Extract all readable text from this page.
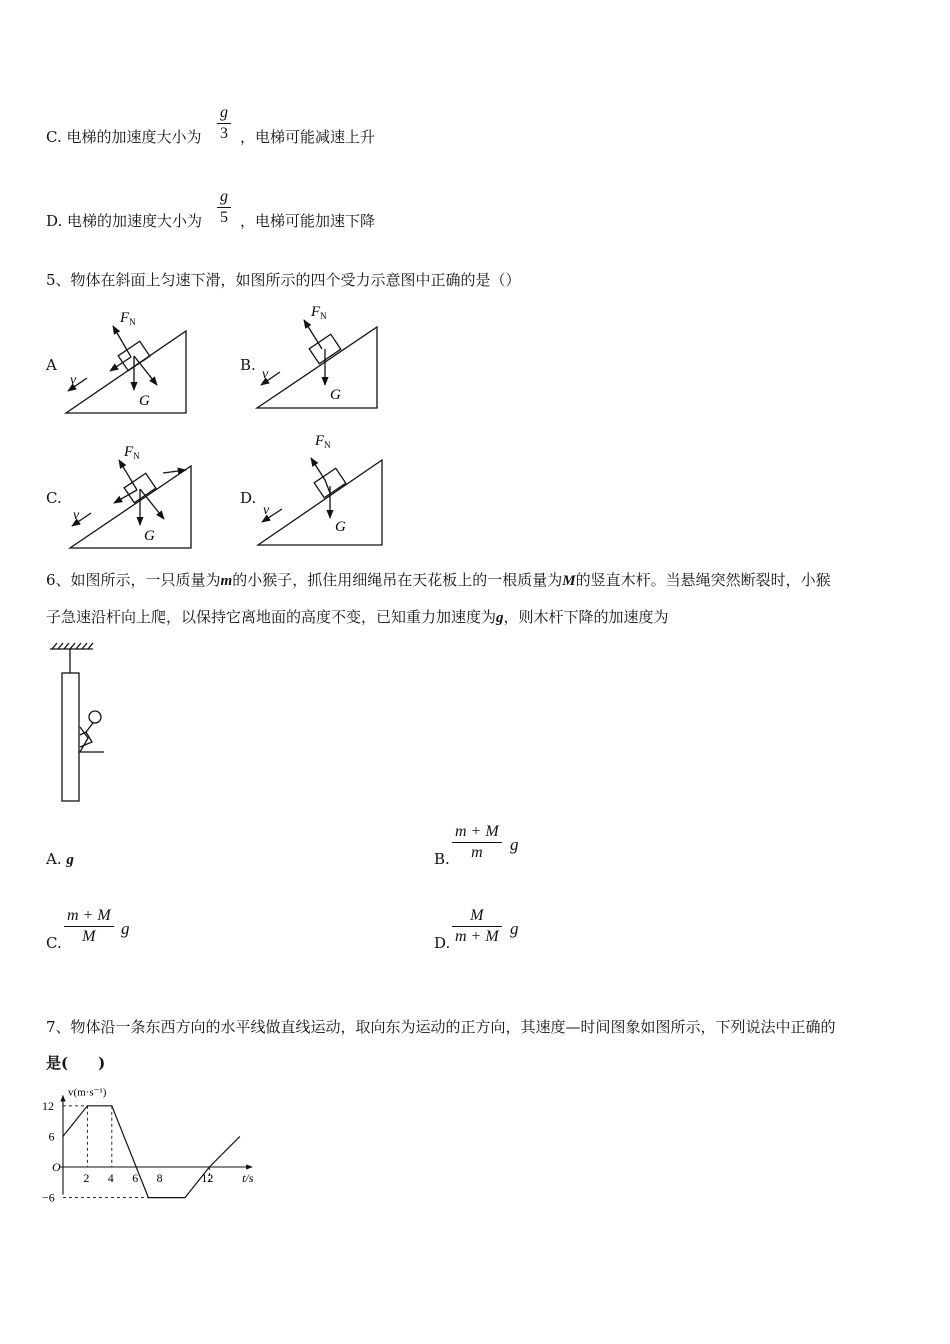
C. 电梯的加速度大小为
g
3 ，电梯可能减速上升
D. 电梯的加速度大小为
g
5 ，电梯可能加速下降
5、物体在斜面上匀速下滑，如图所示的四个受力示意图中正确的是（）
A	B.
C.	D.
$F_N$
G
v
$F_N$
G
v
$F_N$
G
v
$F_N$
G
v
6、如图所示，一只质量为m的小猴子，抓住用细绳吊在天花板上的一根质量为M的竖直木杆。当悬绳突然断裂时，小猴
子急速沿杆向上爬，以保持它离地面的高度不变，已知重力加速度为g，则木杆下降的加速度为
A. g	B.
m + M
m	g
C.
m + M
M	g
D.
M
m + M g
7、物体沿一条东西方向的水平线做直线运动，取向东为运动的正方向，其速度—时间图象如图所示，下列说法中正确的
是(　　)
2 4 6 8	12
12
6
−6
O
v(m·s⁻¹)
t/s
